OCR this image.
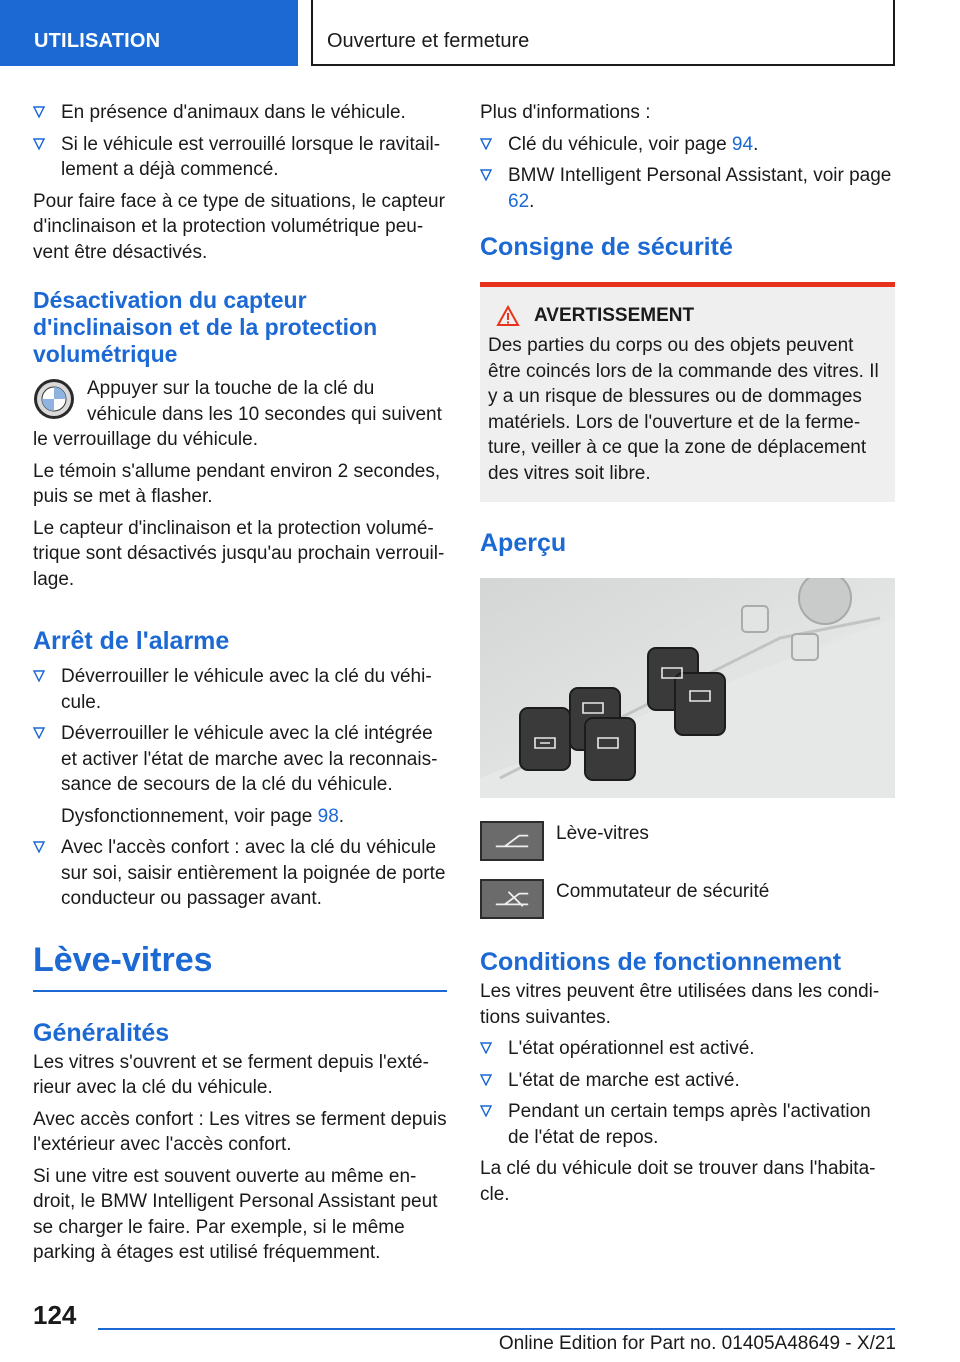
UTILISATION	Ouverture et fermeture
En présence d'animaux dans le véhicule.
Si le véhicule est verrouillé lorsque le ravitaillement a déjà commencé.

Pour faire face à ce type de situations, le capteur d'inclinaison et la protection volumétrique peuvent être désactivés.

Désactivation du capteur d'inclinaison et de la protection volumétrique

Appuyer sur la touche de la clé du véhicule dans les 10 secondes qui suivent le verrouillage du véhicule.

Le témoin s'allume pendant environ 2 secondes, puis se met à flasher.

Le capteur d'inclinaison et la protection volumétrique sont désactivés jusqu'au prochain verrouillage.

Arrêt de l'alarme
Déverrouiller le véhicule avec la clé du véhicule.
Déverrouiller le véhicule avec la clé intégrée et activer l'état de marche avec la reconnaissance de secours de la clé du véhicule.

Dysfonctionnement, voir page 98.

Avec l'accès confort : avec la clé du véhicule sur soi, saisir entièrement la poignée de porte conducteur ou passager avant.
Lève-vitres
Généralités

Les vitres s'ouvrent et se ferment depuis l'extérieur avec la clé du véhicule.

Avec accès confort : Les vitres se ferment depuis l'extérieur avec l'accès confort.

Si une vitre est souvent ouverte au même endroit, le BMW Intelligent Personal Assistant peut se charger le faire. Par exemple, si le même parking à étages est utilisé fréquemment.

Plus d'informations :

Clé du véhicule, voir page 94.
BMW Intelligent Personal Assistant, voir page 62.
Consigne de sécurité
AVERTISSEMENT

Des parties du corps ou des objets peuvent être coincés lors de la commande des vitres. Il y a un risque de blessures ou de dommages matériels. Lors de l'ouverture et de la fermeture, veiller à ce que la zone de déplacement des vitres soit libre.

Aperçu
Lève-vitres
Commutateur de sécurité
Conditions de fonctionnement

Les vitres peuvent être utilisées dans les conditions suivantes.

L'état opérationnel est activé.
L'état de marche est activé.
Pendant un certain temps après l'activation de l'état de repos.

La clé du véhicule doit se trouver dans l'habitacle.

124
Online Edition for Part no. 01405A48649 - X/21
